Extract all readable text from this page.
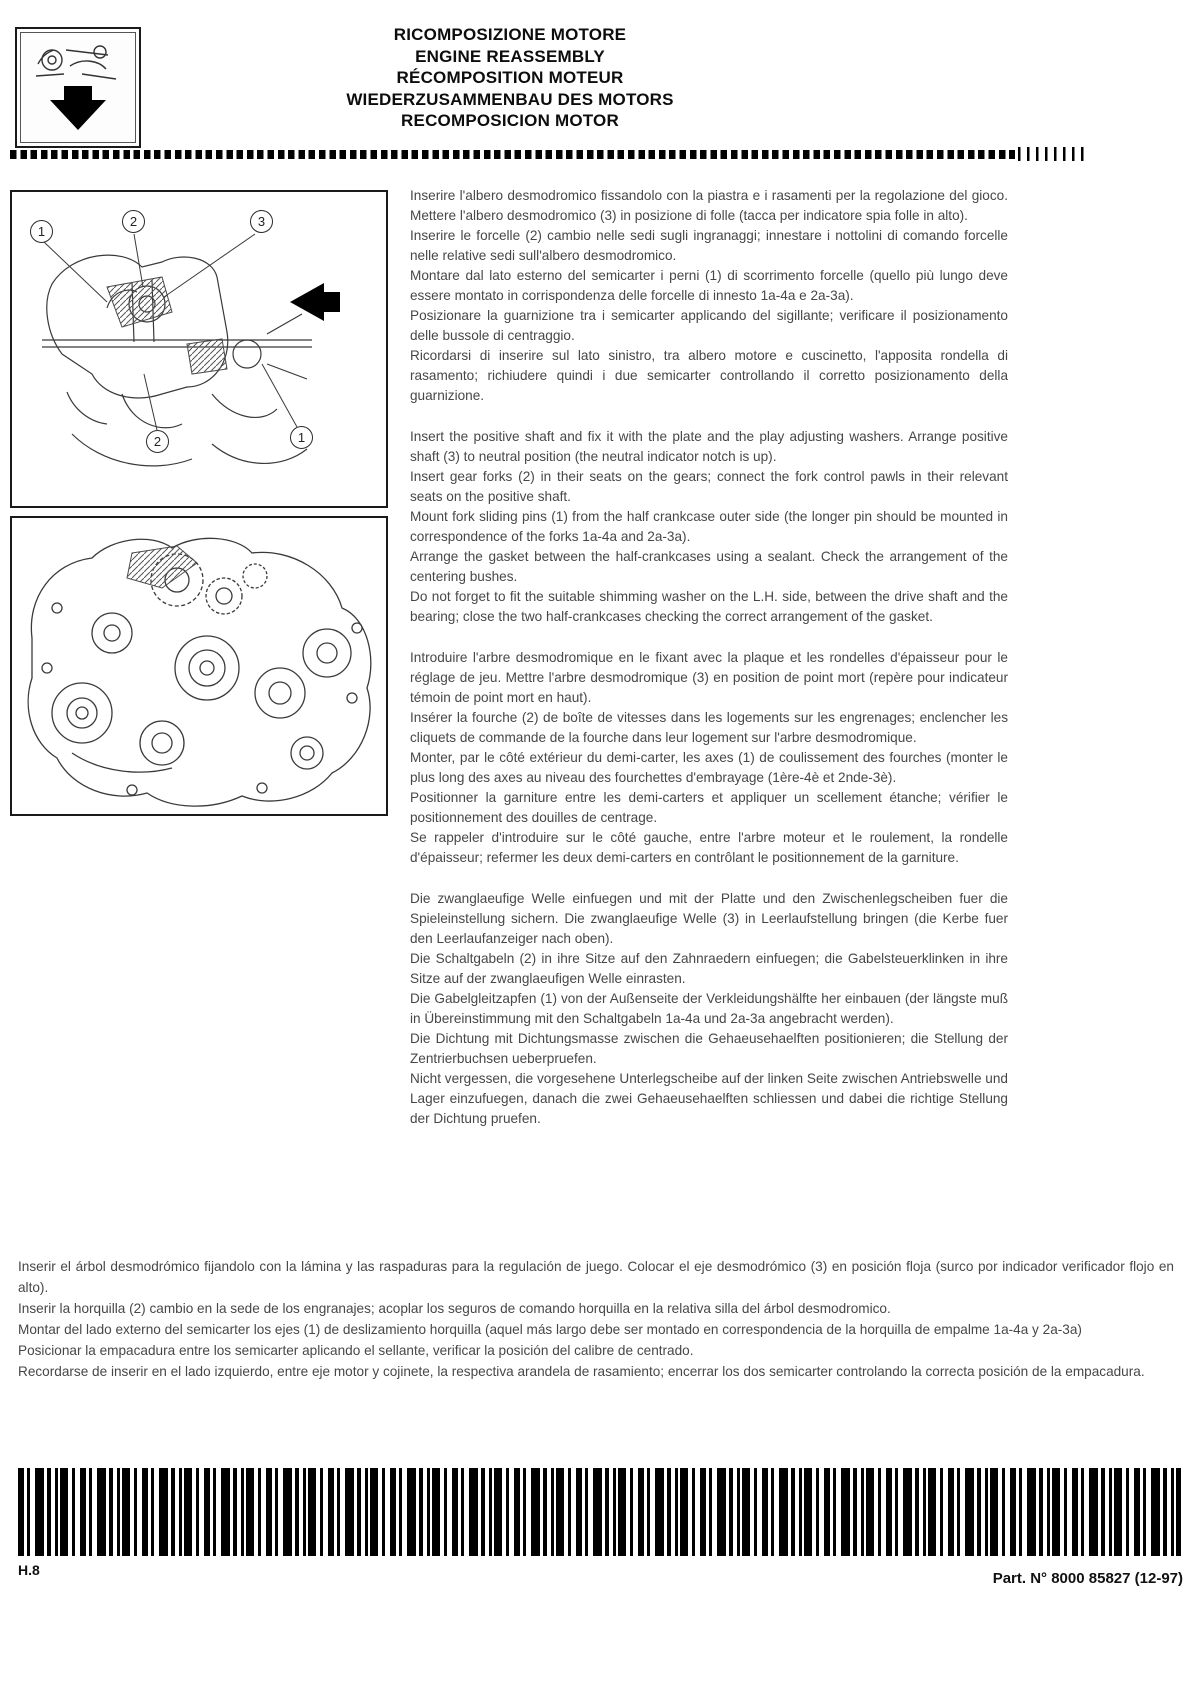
RICOMPOSIZIONE MOTORE
ENGINE REASSEMBLY
RÉCOMPOSITION MOTEUR
WIEDERZUSAMMENBAU DES MOTORS
RECOMPOSICION MOTOR
1
2	3
2	1
Inserire l'albero desmodromico fissandolo con la piastra e i rasamenti per la regolazione del gioco. Mettere l'albero desmodromico (3) in posizione di folle (tacca per indicatore spia folle in alto).
Inserire le forcelle (2) cambio nelle sedi sugli ingranaggi; innestare i nottolini di comando forcelle nelle relative sedi sull'albero desmodromico.
Montare dal lato esterno del semicarter i perni (1) di scorrimento forcelle (quello più lungo deve essere montato in corrispondenza delle forcelle di innesto 1a-4a e 2a-3a).
Posizionare la guarnizione tra i semicarter applicando del sigillante; verificare il posizionamento delle bussole di centraggio.
Ricordarsi di inserire sul lato sinistro, tra albero motore e cuscinetto, l'apposita rondella di rasamento; richiudere quindi i due semicarter controllando il corretto posizionamento della guarnizione.
Insert the positive shaft and fix it with the plate and the play adjusting washers. Arrange positive shaft (3) to neutral position (the neutral indicator notch is up).
Insert gear forks (2) in their seats on the gears; connect the fork control pawls in their relevant seats on the positive shaft.
Mount fork sliding pins (1) from the half crankcase outer side (the longer pin should be mounted in correspondence of the forks 1a-4a and 2a-3a).
Arrange the gasket between the half-crankcases using a sealant. Check the arrangement of the centering bushes.
Do not forget to fit the suitable shimming washer on the L.H. side, between the drive shaft and the bearing; close the two half-crankcases checking the correct arrangement of the gasket.
Introduire l'arbre desmodromique en le fixant avec la plaque et les rondelles d'épaisseur pour le réglage de jeu. Mettre l'arbre desmodromique (3) en position de point mort (repère pour indicateur témoin de point mort en haut).
Insérer la fourche (2) de boîte de vitesses dans les logements sur les engrenages; enclencher les cliquets de commande de la fourche dans leur logement sur l'arbre desmodromique.
Monter, par le côté extérieur du demi-carter, les axes (1) de coulissement des fourches (monter le plus long des axes au niveau des fourchettes d'embrayage (1ère-4è et 2nde-3è).
Positionner la garniture entre les demi-carters et appliquer un scellement étanche; vérifier le positionnement des douilles de centrage.
Se rappeler d'introduire sur le côté gauche, entre l'arbre moteur et le roulement, la rondelle d'épaisseur; refermer les deux demi-carters en contrôlant le positionnement de la garniture.
Die zwanglaeufige Welle einfuegen und mit der Platte und den Zwischenlegscheiben fuer die Spieleinstellung sichern. Die zwanglaeufige Welle (3) in Leerlaufstellung bringen (die Kerbe fuer den Leerlaufanzeiger nach oben).
Die Schaltgabeln (2) in ihre Sitze auf den Zahnraedern einfuegen; die Gabelsteuerklinken in ihre Sitze auf der zwanglaeufigen Welle einrasten.
Die Gabelgleitzapfen (1) von der Außenseite der Verkleidungshälfte her einbauen (der längste muß in Übereinstimmung mit den Schaltgabeln 1a-4a und 2a-3a angebracht werden).
Die Dichtung mit Dichtungsmasse zwischen die Gehaeusehaelften positionieren; die Stellung der Zentrierbuchsen ueberpruefen.
Nicht vergessen, die vorgesehene Unterlegscheibe auf der linken Seite zwischen Antriebswelle und Lager einzufuegen, danach die zwei Gehaeusehaelften schliessen und dabei die richtige Stellung der Dichtung pruefen.
Inserir el árbol desmodrómico fijandolo con la lámina y las raspaduras para la regulación de juego. Colocar el eje desmodrómico (3) en posición floja (surco por indicador verificador flojo en alto).
Inserir la horquilla (2) cambio en la sede de los engranajes; acoplar los seguros de comando horquilla en la relativa silla del árbol desmodromico.
Montar del lado externo del semicarter los ejes (1) de deslizamiento horquilla (aquel más largo debe ser montado en correspondencia de la horquilla de empalme 1a-4a y 2a-3a)
Posicionar la empacadura entre los semicarter aplicando el sellante, verificar la posición del calibre de centrado.
Recordarse de inserir en el lado izquierdo, entre eje motor y cojinete, la respectiva arandela de rasamiento; encerrar los dos semicarter controlando la correcta posición de la empacadura.
H.8	Part. N° 8000 85827 (12-97)
